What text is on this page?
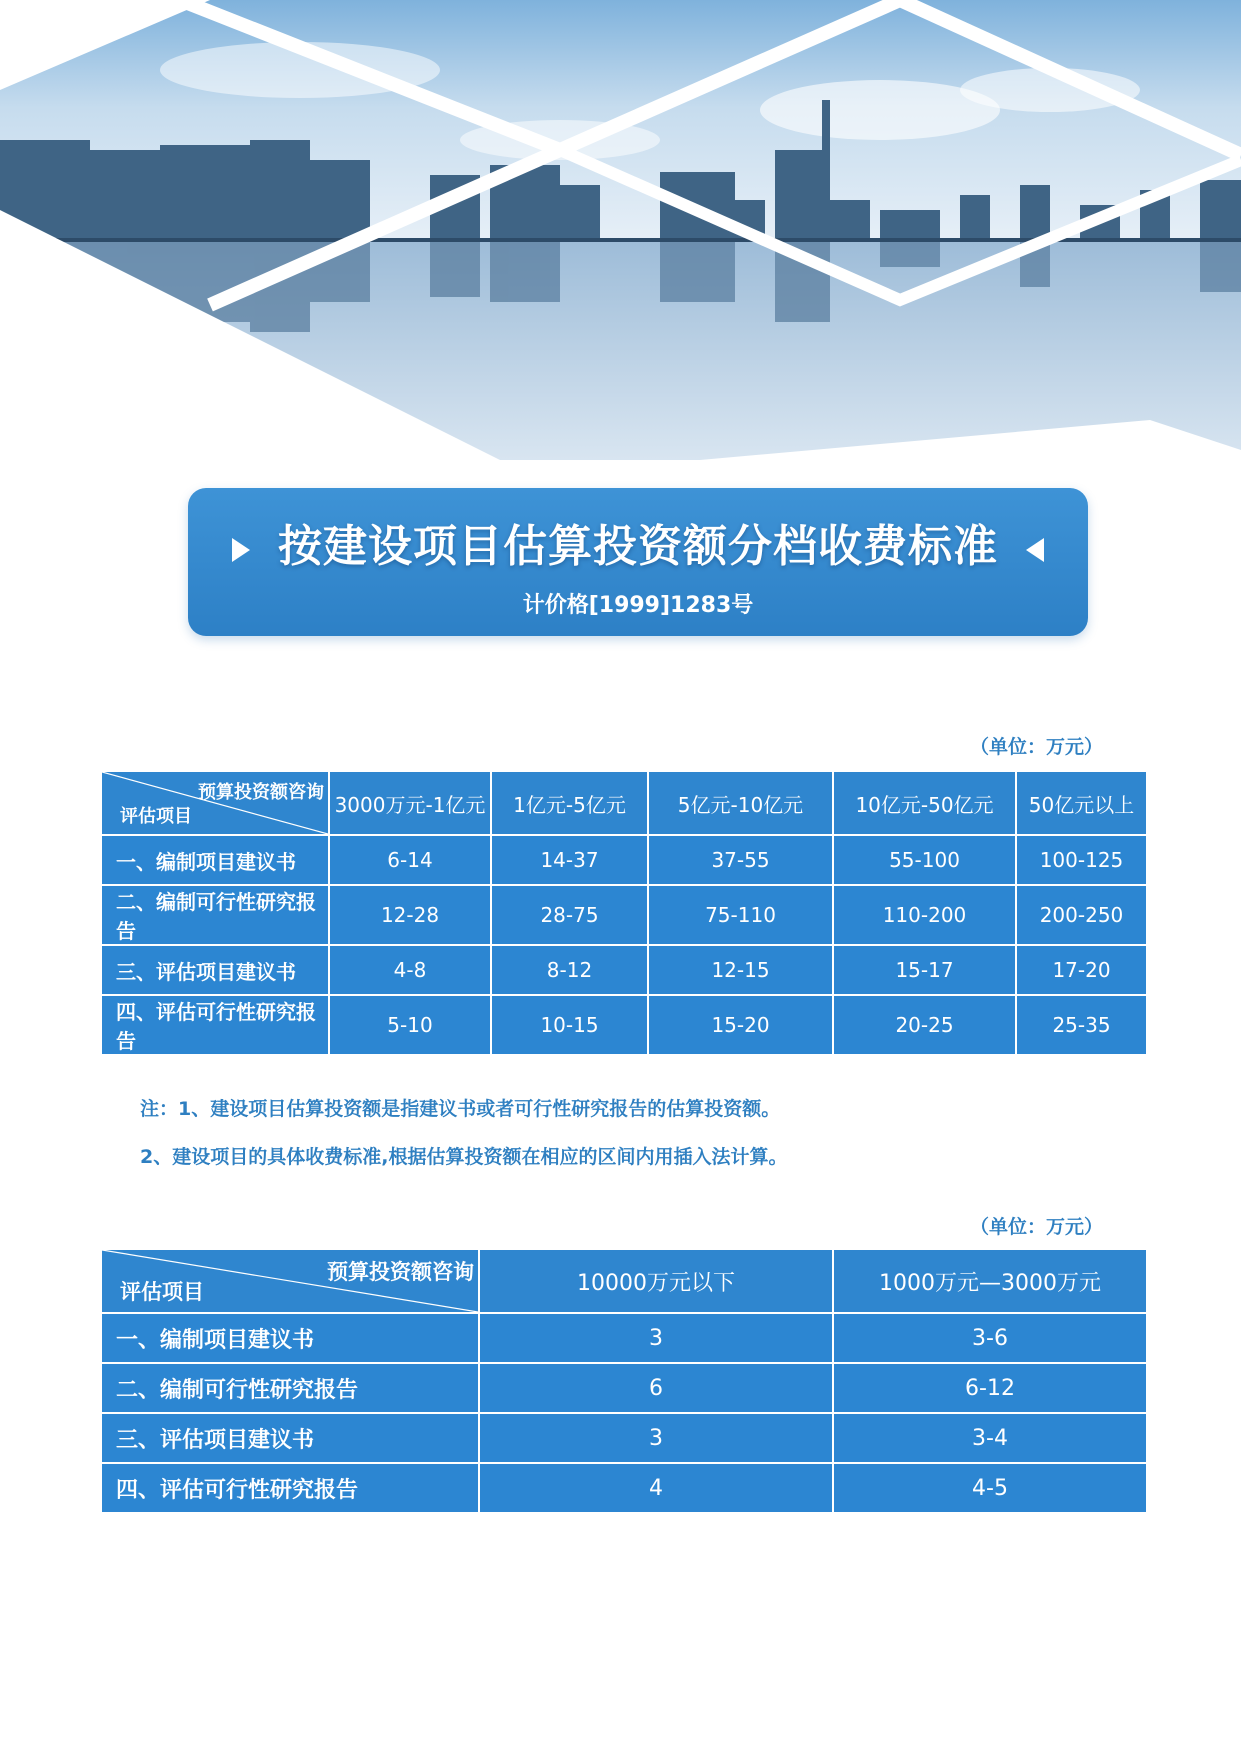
按建设项目估算投资额分档收费标准
计价格[1999]1283号
（单位：万元）
预算投资额咨询
评估项目	3000万元-1亿元	1亿元-5亿元	5亿元-10亿元	10亿元-50亿元	50亿元以上
一、编制项目建议书	6-14	14-37	37-55	55-100	100-125
二、编制可行性研究报告	12-28	28-75	75-110	110-200	200-250
三、评估项目建议书	4-8	8-12	12-15	15-17	17-20
四、评估可行性研究报告	5-10	10-15	15-20	20-25	25-35
注：1、建设项目估算投资额是指建议书或者可行性研究报告的估算投资额。
2、建设项目的具体收费标准,根据估算投资额在相应的区间内用插入法计算。
（单位：万元）
预算投资额咨询
评估项目	10000万元以下	1000万元—3000万元
一、编制项目建议书	3	3-6
二、编制可行性研究报告	6	6-12
三、评估项目建议书	3	3-4
四、评估可行性研究报告	4	4-5
